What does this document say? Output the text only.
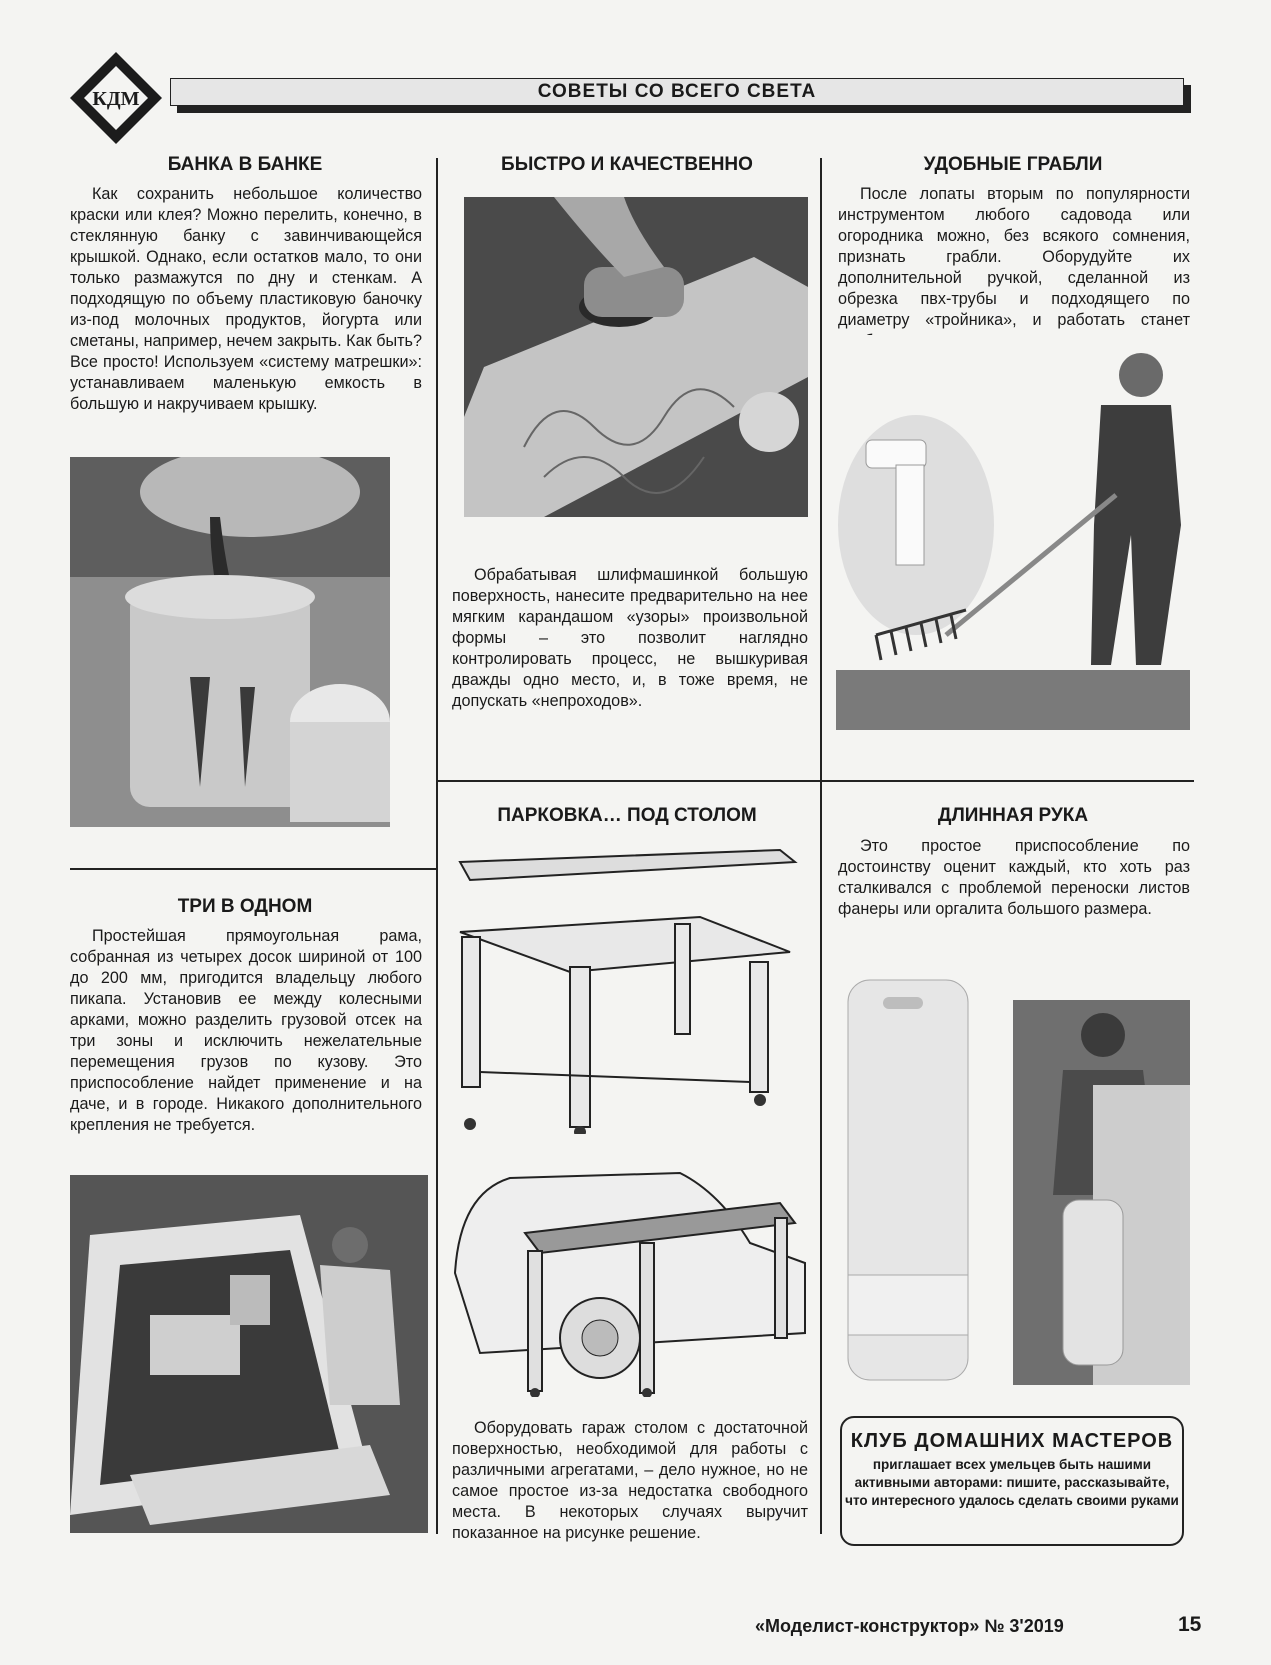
КДМ	СОВЕТЫ СО ВСЕГО СВЕТА
БАНКА В БАНКЕ

Как сохранить небольшое количество краски или клея? Можно перелить, конечно, в стеклянную банку с завинчивающейся крышкой. Однако, если остатков мало, то они только размажутся по дну и стенкам. А подходящую по объему пластиковую баночку из-под молочных продуктов, йогурта или сметаны, например, нечем закрыть. Как быть? Все просто! Используем «систему матрешки»: устанавливаем маленькую емкость в большую и накручиваем крышку.

БЫСТРО И КАЧЕСТВЕННО

Обрабатывая шлифмашинкой большую поверхность, нанесите предварительно на нее мягким карандашом «узоры» произвольной формы – это позволит наглядно контролировать процесс, не вышкуривая дважды одно место, и, в тоже время, не допускать «непроходов».

УДОБНЫЕ ГРАБЛИ

После лопаты вторым по популярности инструментом любого садовода или огородника можно, без всякого сомнения, признать грабли. Оборудуйте их дополнительной ручкой, сделанной из обрезка пвх-трубы и подходящего по диаметру «тройника», и работать станет

ТРИ В ОДНОМ

Простейшая прямоугольная рама, собранная из четырех досок шириной от 100 до 200 мм, пригодится владельцу любого пикапа. Установив ее между колесными арками, можно разделить грузовой отсек на три зоны и исключить нежелательные перемещения грузов по кузову. Это приспособление найдет применение и на даче, и в городе. Никакого дополнительного крепления не требуется.

ПАРКОВКА… ПОД СТОЛОМ

Оборудовать гараж столом с достаточной поверхностью, необходимой для работы с различными агрегатами, – дело нужное, но не самое простое из-за недостатка свободного места. В некоторых случаях выручит показанное на рисунке решение.

ДЛИННАЯ РУКА

Это простое приспособление по достоинству оценит каждый, кто хоть раз сталкивался с проблемой переноски листов фанеры или оргалита большого размера.

КЛУБ ДОМАШНИХ МАСТЕРОВ
приглашает всех умельцев быть нашими активными авторами: пишите, рассказывайте, что интересного удалось сделать своими руками
«Моделист-конструктор» № 3'2019	15
